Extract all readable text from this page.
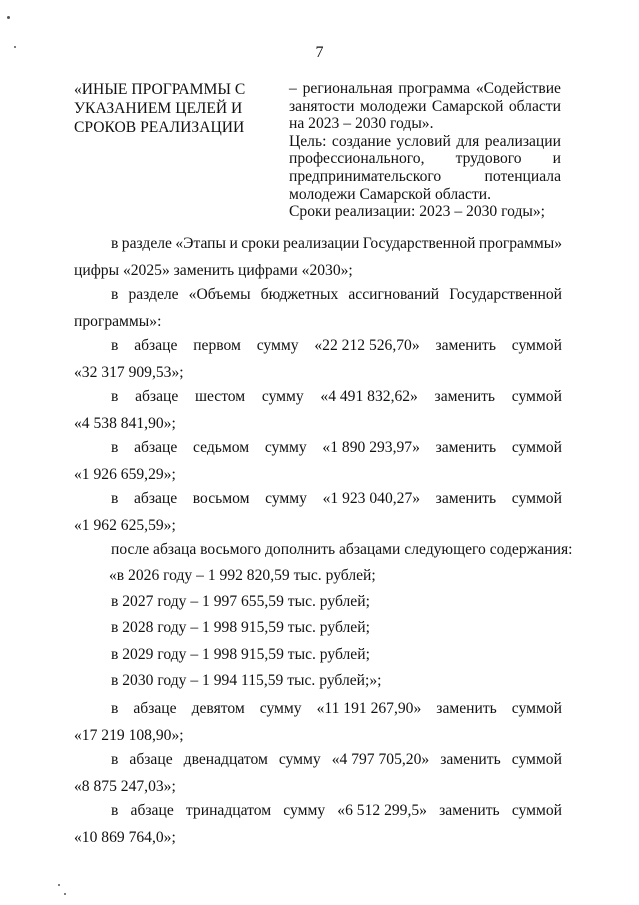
7
«ИНЫЕ ПРОГРАММЫ С
УКАЗАНИЕМ ЦЕЛЕЙ И
СРОКОВ РЕАЛИЗАЦИИ
– региональная программа «Содействие
занятости молодежи Самарской области
на 2023 – 2030 годы».
Цель: создание условий для реализации
профессионального, трудового и
предпринимательского	потенциала
молодежи Самарской области.
Сроки реализации: 2023 – 2030 годы»;
в разделе «Этапы и сроки реализации Государственной программы»
цифры «2025» заменить цифрами «2030»;
в разделе «Объемы бюджетных ассигнований Государственной
программы»:
в абзаце первом сумму «22 212 526,70» заменить суммой
«32 317 909,53»;
в абзаце шестом сумму «4 491 832,62» заменить суммой
«4 538 841,90»;
в абзаце седьмом сумму «1 890 293,97» заменить суммой
«1 926 659,29»;
в абзаце восьмом сумму «1 923 040,27» заменить суммой
«1 962 625,59»;
после абзаца восьмого дополнить абзацами следующего содержания:
«в 2026 году – 1 992 820,59 тыс. рублей;
в 2027 году – 1 997 655,59 тыс. рублей;
в 2028 году – 1 998 915,59 тыс. рублей;
в 2029 году – 1 998 915,59 тыс. рублей;
в 2030 году – 1 994 115,59 тыс. рублей;»;
в абзаце девятом сумму «11 191 267,90» заменить суммой
«17 219 108,90»;
в абзаце двенадцатом сумму «4 797 705,20» заменить суммой
«8 875 247,03»;
в абзаце тринадцатом сумму «6 512 299,5» заменить суммой
«10 869 764,0»;
